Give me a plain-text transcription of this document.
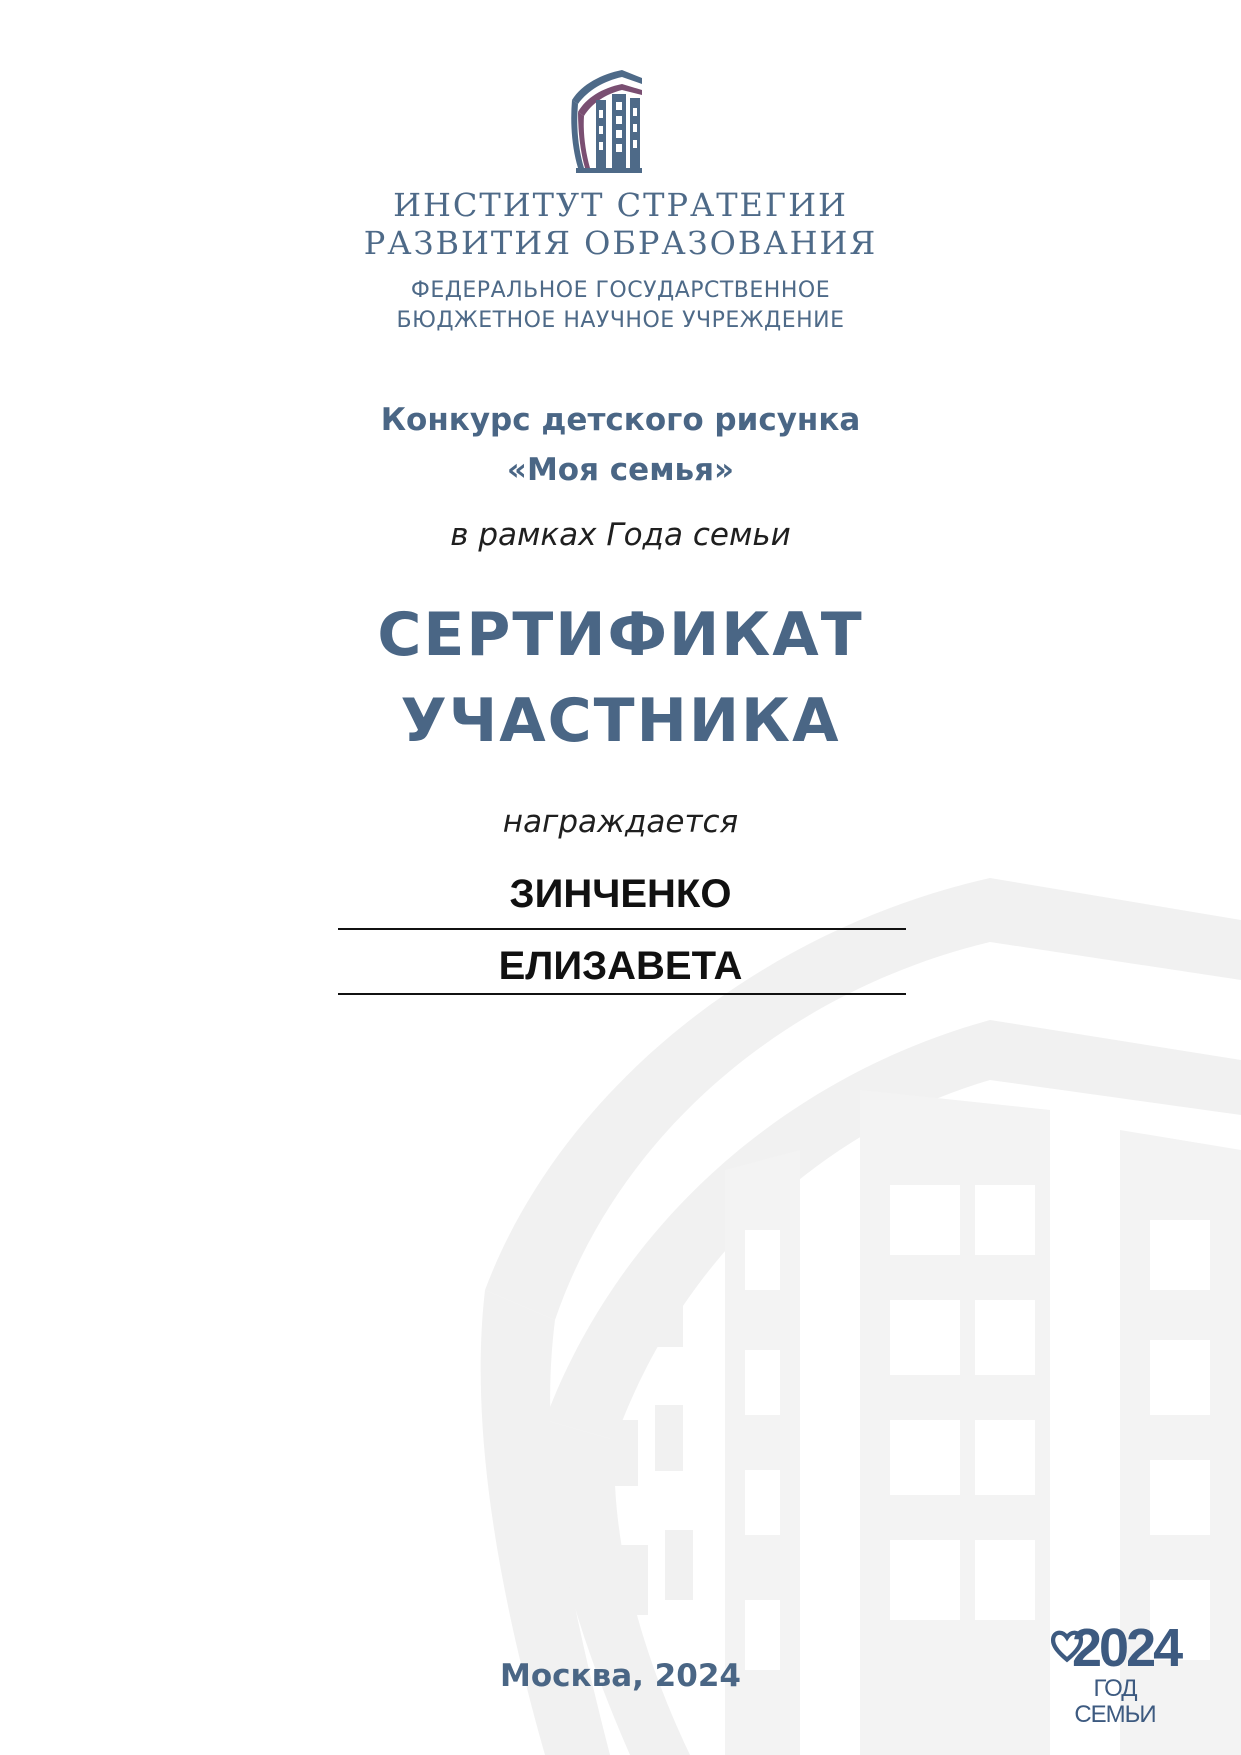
ИНСТИТУТ СТРАТЕГИИ
РАЗВИТИЯ ОБРАЗОВАНИЯ
ФЕДЕРАЛЬНОЕ ГОСУДАРСТВЕННОЕ
БЮДЖЕТНОЕ НАУЧНОЕ УЧРЕЖДЕНИЕ
Конкурс детского рисунка
«Моя семья»
в рамках Года семьи
СЕРТИФИКАТ
УЧАСТНИКА
награждается
ЗИНЧЕНКО
ЕЛИЗАВЕТА
Москва, 2024	2024
ГОД СЕМЬИ
